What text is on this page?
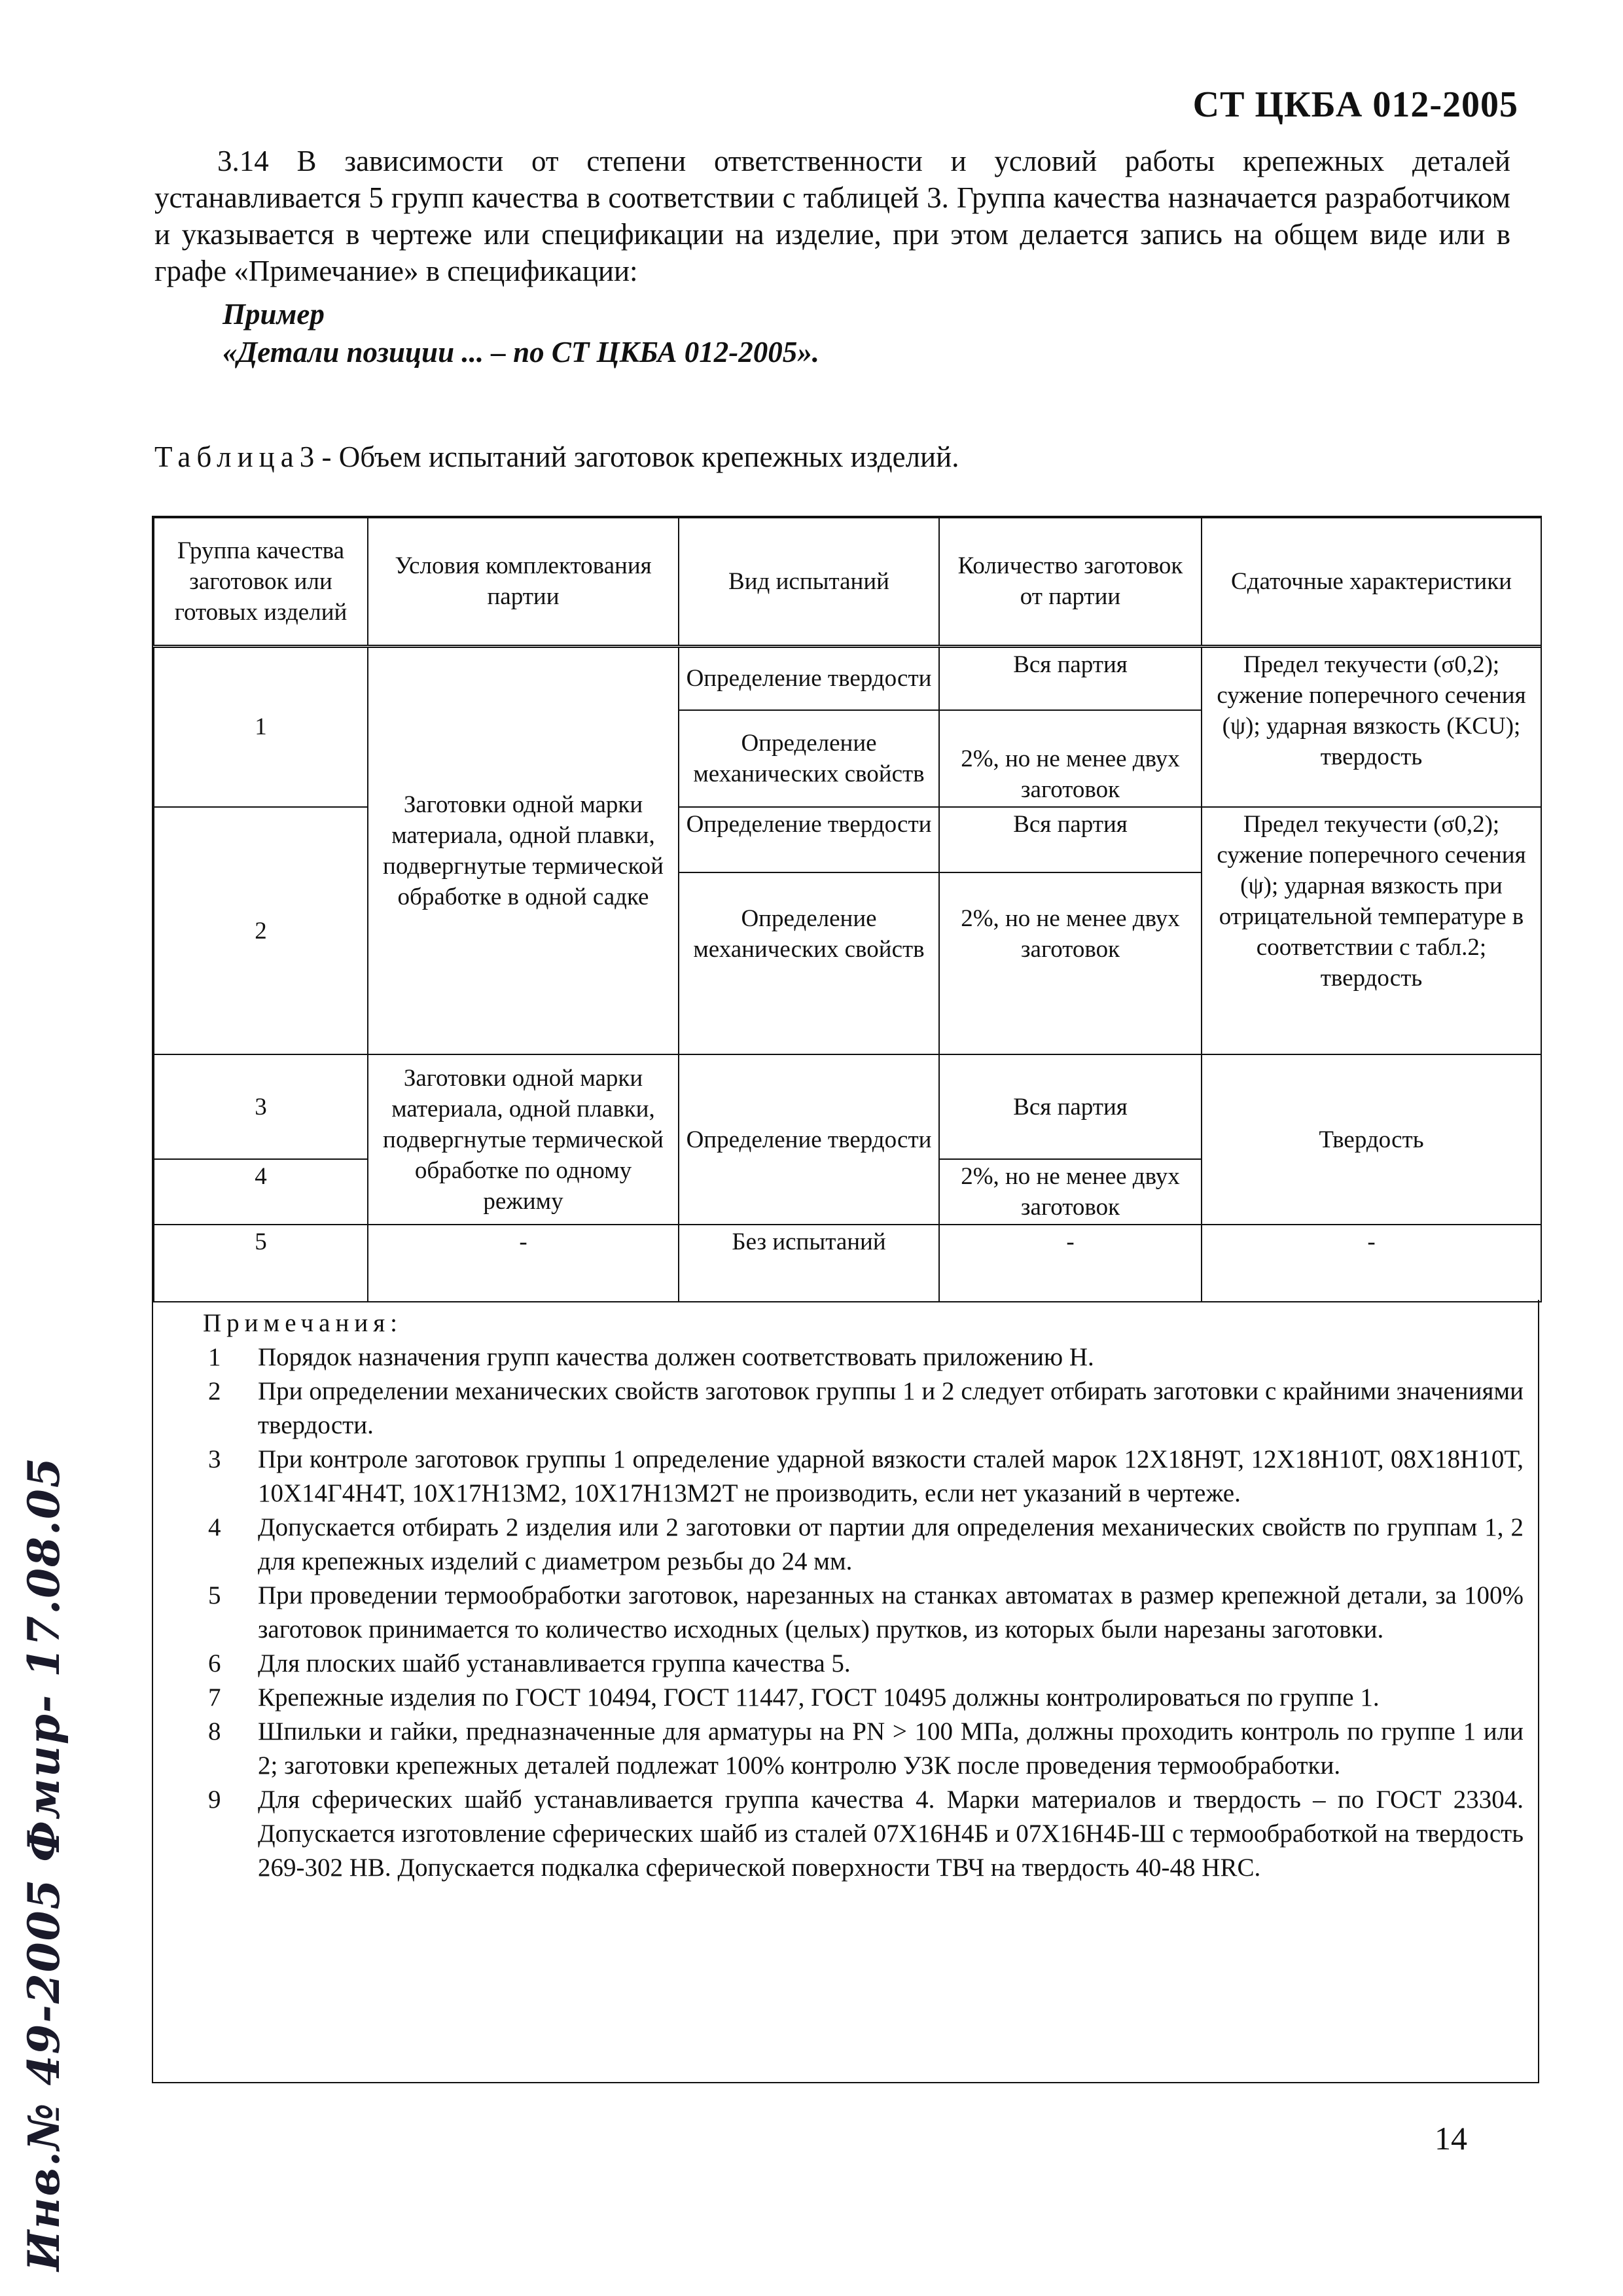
СТ ЦКБА 012-2005
3.14 В зависимости от степени ответственности и условий работы крепежных деталей устанавливается 5 групп качества в соответствии с таблицей 3. Группа качества назначается разработчиком и указывается в чертеже или спецификации на изделие, при этом делается запись на общем виде или в графе «Примечание» в спецификации:
Пример
«Детали позиции ... – по СТ ЦКБА 012-2005».
Таблица3 - Объем испытаний заготовок крепежных изделий.
Группа качества заготовок или готовых изделий	Условия комплектования партии	Вид испытаний	Количество заготовок от партии	Сдаточные характеристики
1	Заготовки одной марки материала, одной плавки, подвергнутые термической обработке в одной садке	Определение твердости	Вся партия	Предел текучести (σ0,2); сужение поперечного сечения (ψ); ударная вязкость (KCU); твердость
		Определение механических свойств	2%, но не менее двух заготовок	
2		Определение твердости	Вся партия	Предел текучести (σ0,2); сужение поперечного сечения (ψ); ударная вязкость при отрицательной температуре в соответствии с табл.2; твердость
		Определение механических свойств	2%, но не менее двух заготовок	
3	Заготовки одной марки материала, одной плавки, подвергнутые термической обработке по одному режиму	Определение твердости	Вся партия	Твердость
4			2%, но не менее двух заготовок	
5	-	Без испытаний	-	-
Примечания:
1 Порядок назначения групп качества должен соответствовать приложению Н.
2 При определении механических свойств заготовок группы 1 и 2 следует отбирать заготовки с крайними значениями твердости.
3 При контроле заготовок группы 1 определение ударной вязкости сталей марок 12Х18Н9Т, 12Х18Н10Т, 08Х18Н10Т, 10Х14Г4Н4Т, 10Х17Н13М2, 10Х17Н13М2Т не производить, если нет указаний в чертеже.
4 Допускается отбирать 2 изделия или 2 заготовки от партии для определения механических свойств по группам 1, 2 для крепежных изделий с диаметром резьбы до 24 мм.
5 При проведении термообработки заготовок, нарезанных на станках автоматах в размер крепежной детали, за 100% заготовок принимается то количество исходных (целых) прутков, из которых были нарезаны заготовки.
6 Для плоских шайб устанавливается группа качества 5.
7 Крепежные изделия по ГОСТ 10494, ГОСТ 11447, ГОСТ 10495 должны контролироваться по группе 1.
8 Шпильки и гайки, предназначенные для арматуры на PN > 100 МПа, должны проходить контроль по группе 1 или 2; заготовки крепежных деталей подлежат 100% контролю УЗК после проведения термообработки.
9 Для сферических шайб устанавливается группа качества 4. Марки материалов и твердость – по ГОСТ 23304. Допускается изготовление сферических шайб из сталей 07Х16Н4Б и 07Х16Н4Б-Ш с термообработкой на твердость 269-302 НВ. Допускается подкалка сферической поверхности ТВЧ на твердость 40-48 HRC.
14
Инв.№ 49-2005 Фмир- 17.08.05
